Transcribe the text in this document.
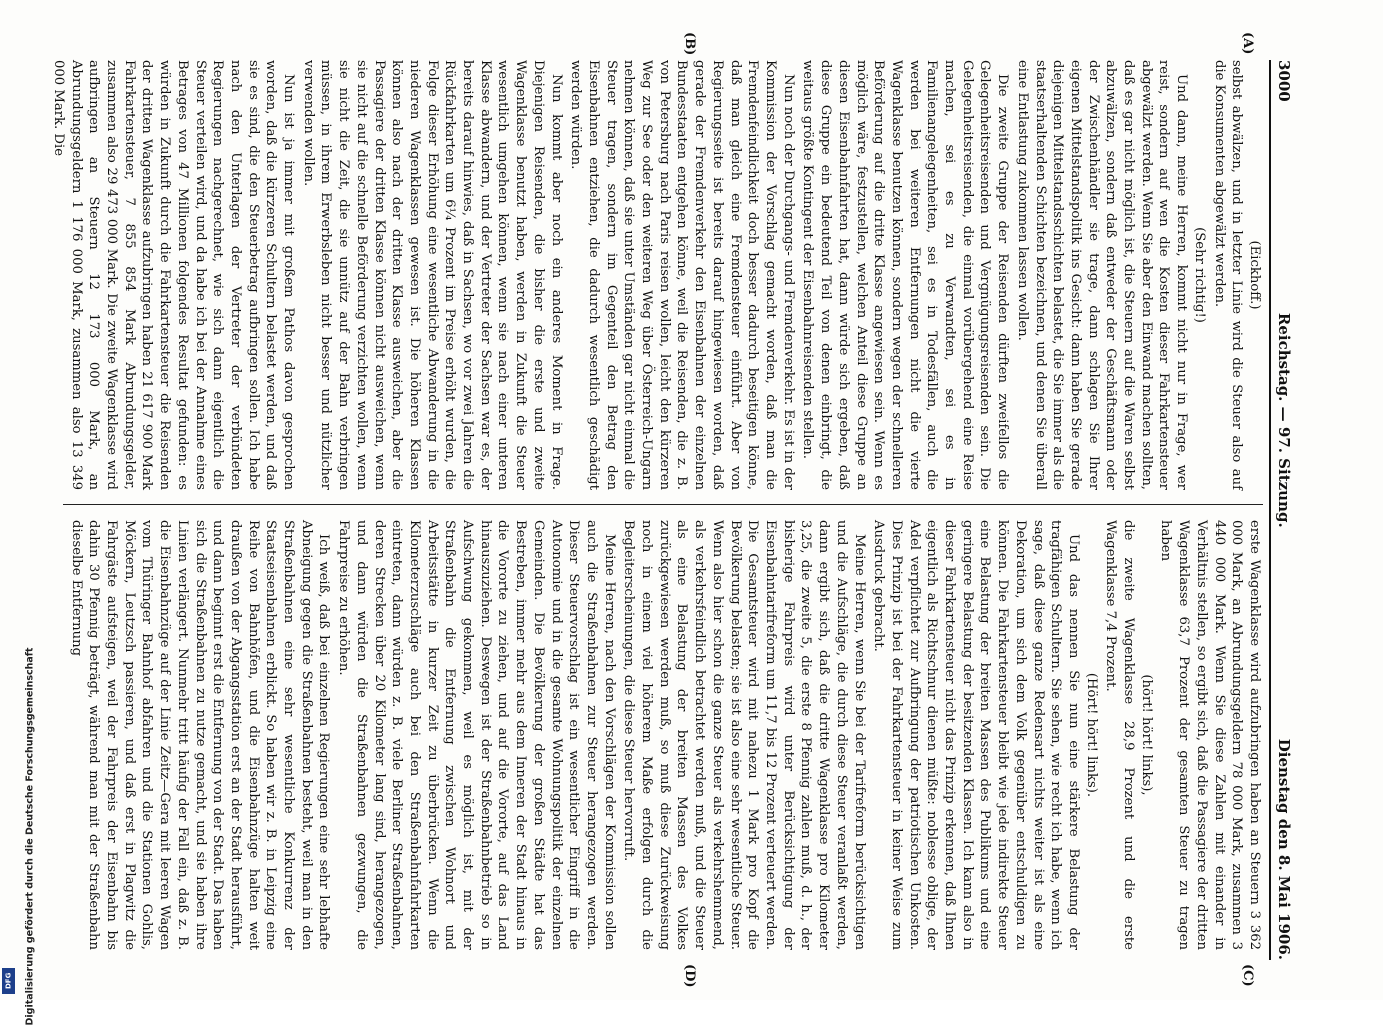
3000
Reichstag. — 97. Sitzung.
Dienstag den 8. Mai 1906.
(A)
(B)
(C)
(D)

(Eickhoff.)

selbst abwälzen, und in letzter Linie wird die Steuer also auf die Konsumenten abgewälzt werden.

(Sehr richtig!)

Und dann, meine Herren, kommt nicht nur in Frage, wer reist, sondern auf wen die Kosten dieser Fahrkartensteuer abgewälzt werden. Wenn Sie aber den Einwand machen sollten, daß es gar nicht möglich ist, die Steuern auf die Waren selbst abzuwälzen, sondern daß entweder der Geschäftsmann oder der Zwischenhändler sie trage, dann schlagen Sie Ihrer eigenen Mittelstandspolitik ins Gesicht: dann haben Sie gerade diejenigen Mittelstandsschichten belastet, die Sie immer als die staatserhaltenden Schichten bezeichnen, und denen Sie überall eine Entlastung zukommen lassen wollen.

Die zweite Gruppe der Reisenden dürften zweifellos die Gelegenheitsreisenden und Vergnügungsreisenden sein. Die Gelegenheitsreisenden, die einmal vorübergehend eine Reise machen, sei es zu Verwandten, sei es in Familienangelegenheiten, sei es in Todesfällen, auch die werden bei weiteren Entfernungen nicht die vierte Wagenklasse benutzen können, sondern wegen der schnelleren Beförderung auf die dritte Klasse angewiesen sein. Wenn es möglich wäre, festzustellen, welchen Anteil diese Gruppe an diesen Eisenbahnfahrten hat, dann würde sich ergeben, daß diese Gruppe ein bedeutend Teil von denen einbringt, die weitaus größte Kontingent der Eisenbahnreisenden stellen.

Nun noch der Durchgangs- und Fremdenverkehr. Es ist in der Kommission der Vorschlag gemacht worden, daß man die Fremdenfeindlichkeit doch besser dadurch beseitigen könne, daß man gleich eine Fremdensteuer einführt. Aber von Regierungsseite ist bereits darauf hingewiesen worden, daß gerade der Fremdenverkehr den Eisenbahnen der einzelnen Bundesstaaten entgehen könne, weil die Reisenden, die z. B. von Petersburg nach Paris reisen wollen, leicht den kürzeren Weg zur See oder den weiteren Weg über Österreich-Ungarn nehmen können, daß sie unter Umständen gar nicht einmal die Steuer tragen, sondern im Gegenteil den Betrag den Eisenbahnen entziehen, die dadurch wesentlich geschädigt werden würden.

Nun kommt aber noch ein anderes Moment in Frage. Diejenigen Reisenden, die bisher die erste und zweite Wagenklasse benutzt haben, werden in Zukunft die Steuer wesentlich umgehen können, wenn sie nach einer unteren Klasse abwandern, und der Vertreter der Sachsen war es, der bereits darauf hinwies, daß in Sachsen, wo vor zwei Jahren die Rückfahrkarten um 6¼ Prozent im Preise erhöht wurden, die Folge dieser Erhöhung eine wesentliche Abwanderung in die niederen Wagenklassen gewesen ist. Die höheren Klassen können also nach der dritten Klasse ausweichen, aber die Passagiere der dritten Klasse können nicht ausweichen, wenn sie nicht auf die schnelle Beförderung verzichten wollen, wenn sie nicht die Zeit, die sie unnütz auf der Bahn verbringen müssen, in ihrem Erwerbsleben nicht besser und nützlicher verwenden wollen.

Nun ist ja immer mit großem Pathos davon gesprochen worden, daß die kürzeren Schultern belastet werden, und daß sie es sind, die den Steuerbetrag aufbringen sollen. Ich habe nach den Unterlagen der Vertreter der verbündeten Regierungen nachgerechnet, wie sich dann eigentlich die Steuer verteilen wird, und da habe ich bei der Annahme eines Betrages von 47 Millionen folgendes Resultat gefunden: es würden in Zukunft durch die Fahrkartensteuer die Reisenden der dritten Wagenklasse aufzubringen haben 21 617 900 Mark Fahrkartensteuer, 7 855 854 Mark Abrundungsgelder, zusammen also 29 473 000 Mark. Die zweite Wagenklasse wird aufbringen an Steuern 12 173 000 Mark, an Abrundungsgeldern 1 176 000 Mark, zusammen also 13 349 000 Mark. Die

erste Wagenklasse wird aufzubringen haben an Steuern 3 362 000 Mark, an Abrundungsgeldern 78 000 Mark, zusammen 3 440 000 Mark. Wenn Sie diese Zahlen mit einander in Verhältnis stellen, so ergibt sich, daß die Passagiere der dritten Wagenklasse 63,7 Prozent der gesamten Steuer zu tragen haben

(hört! hört! links),

die zweite Wagenklasse 28,9 Prozent und die erste Wagenklasse 7,4 Prozent.

(Hört! hört! links).

Und das nennen Sie nun eine stärkere Belastung der tragfähigen Schultern. Sie sehen, wie recht ich habe, wenn ich sage, daß diese ganze Redensart nichts weiter ist als eine Dekoration, um sich dem Volk gegenüber entschuldigen zu können. Die Fahrkartensteuer bleibt wie jede indirekte Steuer eine Belastung der breiten Massen des Publikums und eine geringere Belastung der besitzenden Klassen. Ich kann also in dieser Fahrkartensteuer nicht das Prinzip erkennen, daß Ihnen eigentlich als Richtschnur dienen müßte: noblesse oblige, der Adel verpflichtet zur Aufbringung der patriotischen Unkosten. Dies Prinzip ist bei der Fahrkartensteuer in keiner Weise zum Ausdruck gebracht.

Meine Herren, wenn Sie bei der Tarifreform berücksichtigen und die Aufschläge, die durch diese Steuer veranlaßt werden, dann ergibt sich, daß die dritte Wagenklasse pro Kilometer 3,25, die zweite 5, die erste 8 Pfennig zahlen muß, d. h., der bisherige Fahrpreis wird unter Berücksichtigung der Eisenbahntarifreform um 11,7 bis 12 Prozent verteuert werden. Die Gesamtsteuer wird mit nahezu 1 Mark pro Kopf die Bevölkerung belasten; sie ist also eine sehr wesentliche Steuer. Wenn also hier schon die ganze Steuer als verkehrshemmend, als verkehrsfeindlich betrachtet werden muß, und die Steuer als eine Belastung der breiten Massen des Volkes zurückgewiesen werden muß, so muß diese Zurückweisung noch in einem viel höherem Maße erfolgen durch die Begleiterscheinungen, die diese Steuer hervorruft.

Meine Herren, nach den Vorschlägen der Kommission sollen auch die Straßenbahnen zur Steuer herangezogen werden. Dieser Steuervorschlag ist ein wesentlicher Eingriff in die Autonomie und in die gesamte Wohnungspolitik der einzelnen Gemeinden. Die Bevölkerung der großen Städte hat das Bestreben, immer mehr aus dem Inneren der Stadt hinaus in die Vororte zu ziehen, und auf die Vororte, auf das Land hinauszuziehen. Deswegen ist der Straßenbahnbetrieb so in Aufschwung gekommen, weil es möglich ist, mit der Straßenbahn die Entfernung zwischen Wohnort und Arbeitsstätte in kurzer Zeit zu überbrücken. Wenn die Kilometerzuschläge auch bei den Straßenbahnfahrkarten eintreten, dann würden z. B. viele Berliner Straßenbahnen, deren Strecken über 20 Kilometer lang sind, herangezogen, und dann würden die Straßenbahnen gezwungen, die Fahrpreise zu erhöhen.

Ich weiß, daß bei einzelnen Regierungen eine sehr lebhafte Abneigung gegen die Straßenbahnen besteht, weil man in den Straßenbahnen eine sehr wesentliche Konkurrenz der Staatseisenbahnen erblickt. So haben wir z. B. in Leipzig eine Reihe von Bahnhöfen, und die Eisenbahnzüge halten weit draußen von der Abgangsstation erst an der Stadt herausführt, und dann beginnt erst die Entfernung von der Stadt. Das haben sich die Straßenbahnen zu nutze gemacht, und sie haben ihre Linien verlängert. Nunmehr tritt häufig der Fall ein, daß z. B. die Eisenbahnzüge auf der Linie Zeitz—Gera mit leeren Wagen vom Thüringer Bahnhof abfahren und die Stationen Gohlis, Möckern, Leutzsch passieren, und daß erst in Plagwitz die Fahrgäste aufsteigen, weil der Fahrpreis der Eisenbahn bis dahin 30 Pfennig beträgt, während man mit der Straßenbahn dieselbe Entfernung

Digitalisierung gefördert durch die Deutsche Forschungsgemeinschaft
DFG
